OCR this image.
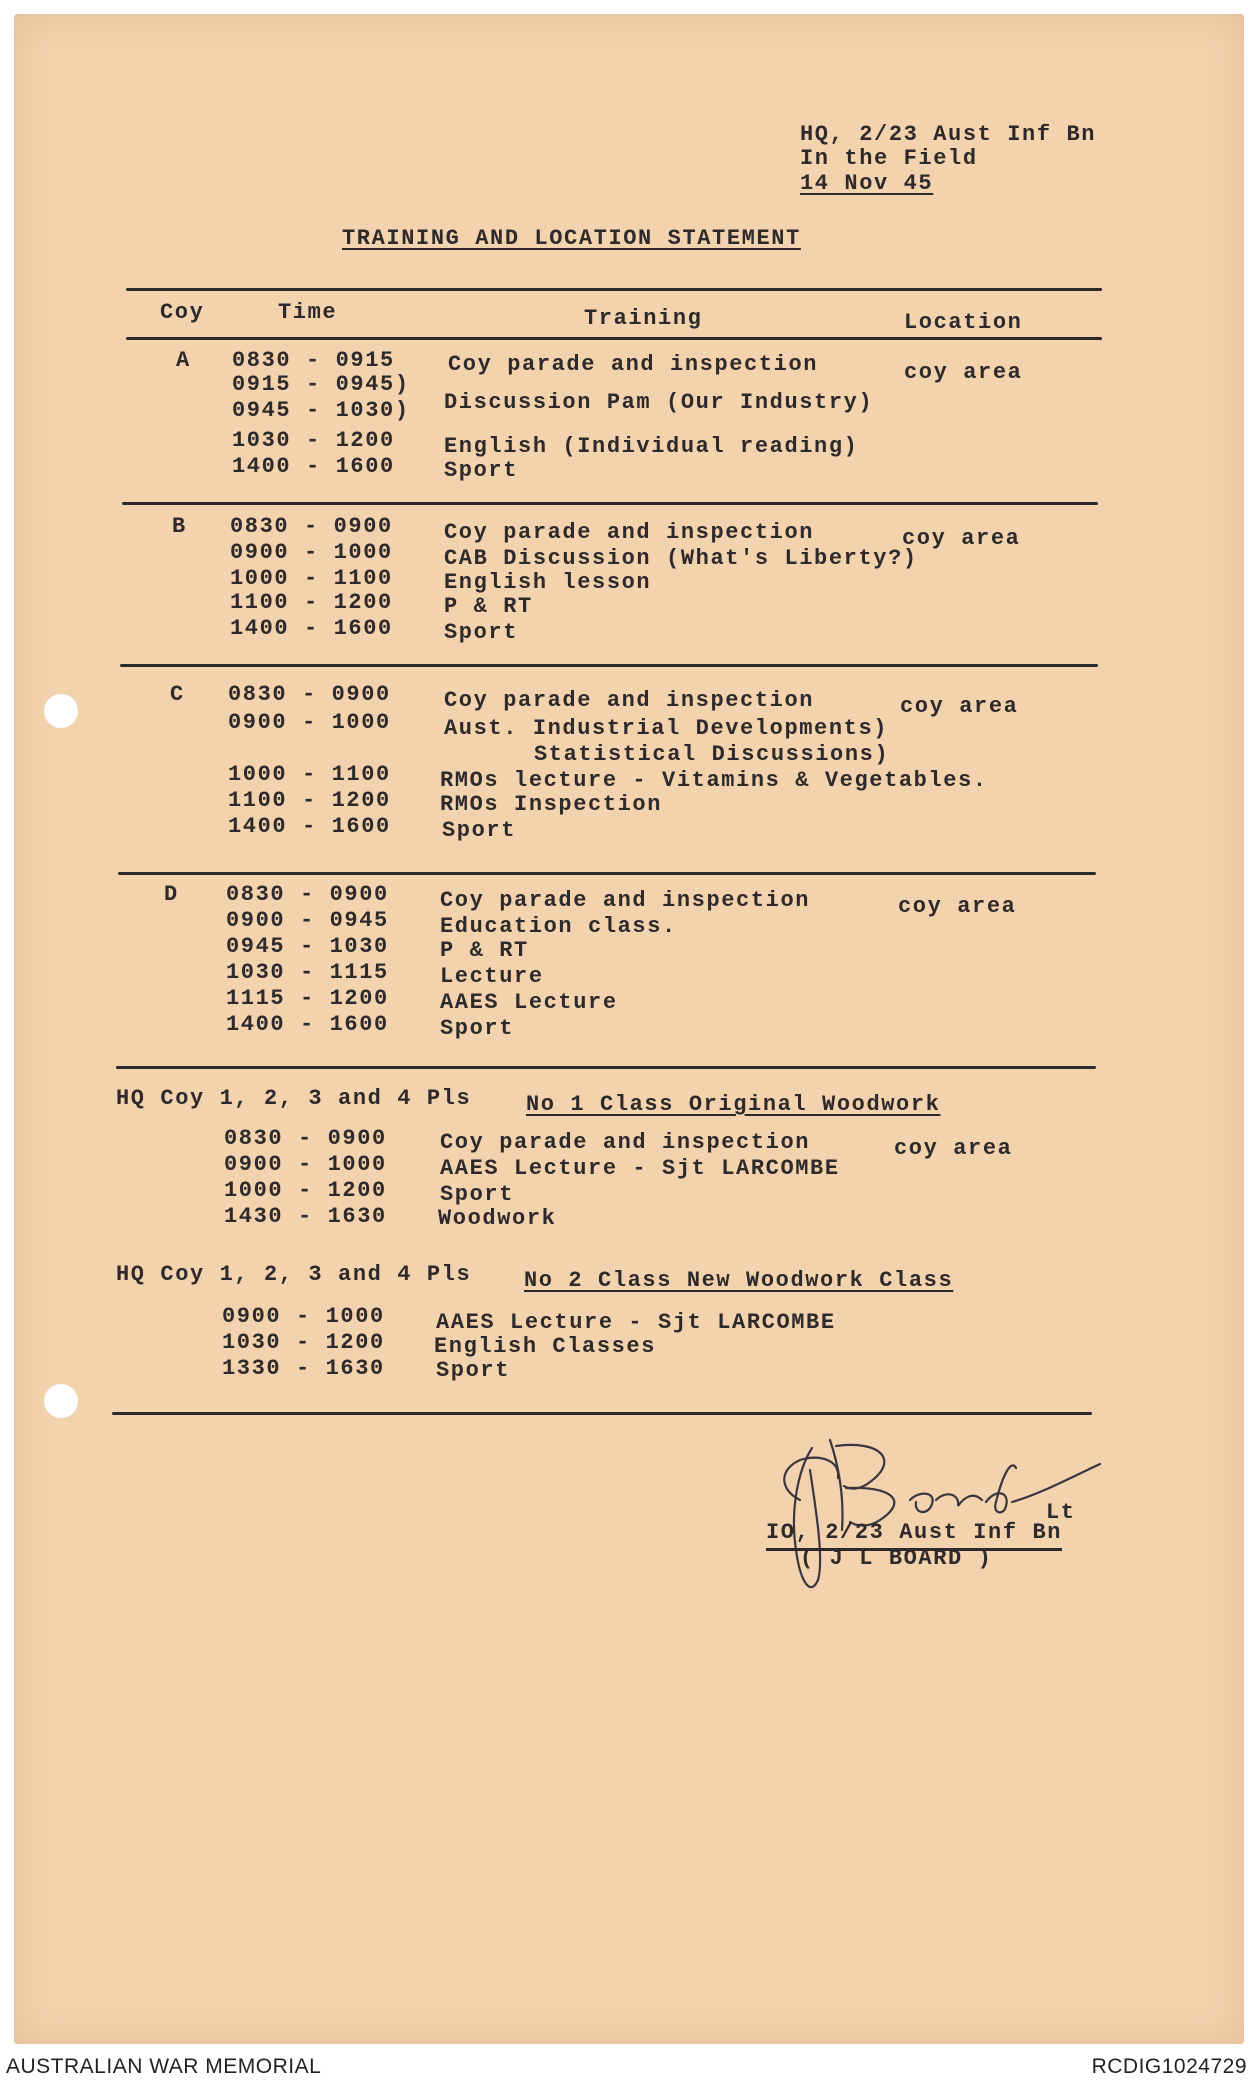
HQ, 2/23 Aust Inf Bn
In the Field
14 Nov 45
TRAINING AND LOCATION STATEMENT
Coy	Time	Training	Location
A 0830 - 0915 Coy parade and inspection	coy area
0915 - 0945)
0945 - 1030) Discussion Pam (Our Industry)
1030 - 1200 English (Individual reading)
1400 - 1600 Sport
B 0830 - 0900 Coy parade and inspection	coy area
0900 - 1000 CAB Discussion (What's Liberty?)
1000 - 1100 English lesson
1100 - 1200 P & RT
1400 - 1600 Sport
C 0830 - 0900 Coy parade and inspection	coy area
0900 - 1000 Aust. Industrial Developments)
Statistical Discussions)
1000 - 1100 RMOs lecture - Vitamins & Vegetables.
1100 - 1200 RMOs Inspection
1400 - 1600 Sport
D 0830 - 0900 Coy parade and inspection	coy area
0900 - 0945 Education class.
0945 - 1030 P & RT
1030 - 1115 Lecture
1115 - 1200 AAES Lecture
1400 - 1600 Sport
HQ Coy 1, 2, 3 and 4 Pls No 1 Class Original Woodwork
0830 - 0900 Coy parade and inspection	coy area
0900 - 1000 AAES Lecture - Sjt LARCOMBE
1000 - 1200 Sport
1430 - 1630 Woodwork
HQ Coy 1, 2, 3 and 4 Pls No 2 Class New Woodwork Class
0900 - 1000 AAES Lecture - Sjt LARCOMBE
1030 - 1200 English Classes
1330 - 1630 Sport
Lt
IO, 2/23 Aust Inf Bn
( J L BOARD )
AUSTRALIAN WAR MEMORIAL	RCDIG1024729
